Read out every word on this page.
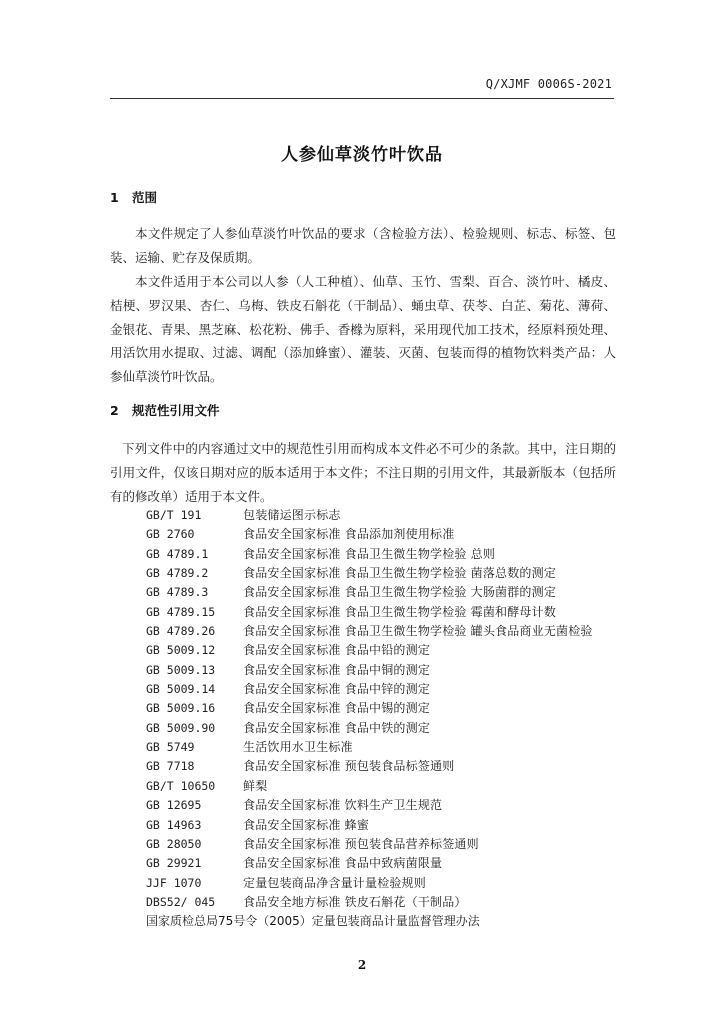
Q/XJMF 0006S-2021
人参仙草淡竹叶饮品
1 范围
本文件规定了人参仙草淡竹叶饮品的要求（含检验方法）、检验规则、标志、标签、包装、运输、贮存及保质期。
本文件适用于本公司以人参（人工种植）、仙草、玉竹、雪梨、百合、淡竹叶、橘皮、桔梗、罗汉果、杏仁、乌梅、铁皮石斛花（干制品）、蛹虫草、茯苓、白芷、菊花、薄荷、金银花、青果、黑芝麻、松花粉、佛手、香橼为原料，采用现代加工技术，经原料预处理、用活饮用水提取、过滤、调配（添加蜂蜜）、灌装、灭菌、包装而得的植物饮料类产品：人参仙草淡竹叶饮品。
2 规范性引用文件
下列文件中的内容通过文中的规范性引用而构成本文件必不可少的条款。其中，注日期的引用文件，仅该日期对应的版本适用于本文件；不注日期的引用文件，其最新版本（包括所有的修改单）适用于本文件。
GB/T 191	包装储运图示标志
GB 2760	食品安全国家标准 食品添加剂使用标准
GB 4789.1	食品安全国家标准 食品卫生微生物学检验 总则
GB 4789.2	食品安全国家标准 食品卫生微生物学检验 菌落总数的测定
GB 4789.3	食品安全国家标准 食品卫生微生物学检验 大肠菌群的测定
GB 4789.15	食品安全国家标准 食品卫生微生物学检验 霉菌和酵母计数
GB 4789.26	食品安全国家标准 食品卫生微生物学检验 罐头食品商业无菌检验
GB 5009.12	食品安全国家标准 食品中铅的测定
GB 5009.13	食品安全国家标准 食品中铜的测定
GB 5009.14	食品安全国家标准 食品中锌的测定
GB 5009.16	食品安全国家标准 食品中锡的测定
GB 5009.90	食品安全国家标准 食品中铁的测定
GB 5749	生活饮用水卫生标准
GB 7718	食品安全国家标准 预包装食品标签通则
GB/T 10650	鲜梨
GB 12695	食品安全国家标准 饮料生产卫生规范
GB 14963	食品安全国家标准 蜂蜜
GB 28050	食品安全国家标准 预包装食品营养标签通则
GB 29921	食品安全国家标准 食品中致病菌限量
JJF 1070	定量包装商品净含量计量检验规则
DBS52/ 045	食品安全地方标准 铁皮石斛花（干制品）
国家质检总局75号令（2005）定量包装商品计量监督管理办法
2
